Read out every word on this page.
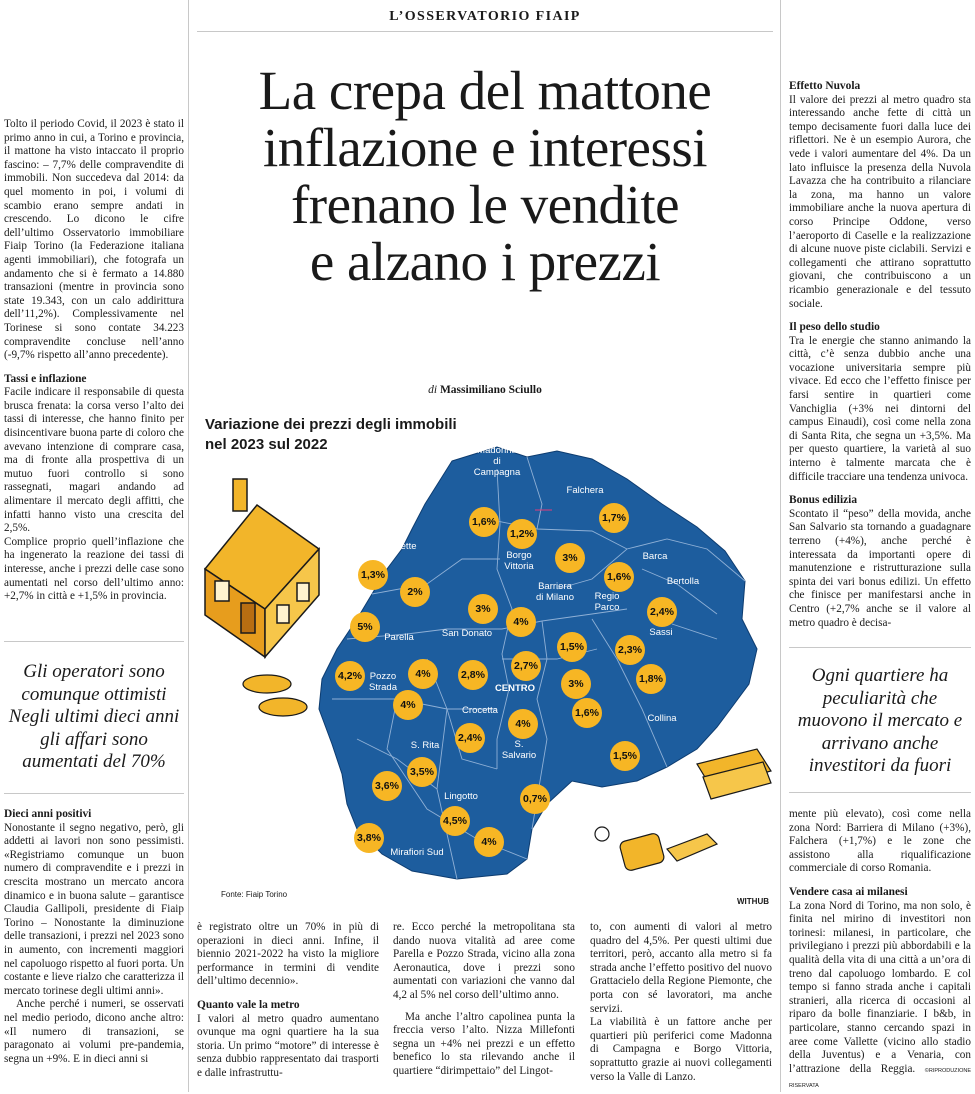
L’OSSERVATORIO FIAIP
La crepa del mattone
inflazione e interessi
frenano le vendite
e alzano i prezzi
di Massimiliano Sciullo

Tolto il periodo Covid, il 2023 è stato il primo anno in cui, a Torino e provincia, il mattone ha visto intaccato il proprio fascino: – 7,7% delle compravendite di immobili. Non succedeva dal 2014: da quel momento in poi, i volumi di scambio erano sempre andati in crescendo. Lo dicono le cifre dell’ultimo Osservatorio immobiliare Fiaip Torino (la Federazione italiana agenti immobiliari), che fotografa un andamento che si è fermato a 14.880 transazioni (mentre in provincia sono state 19.343, con un calo addirittura dell’11,2%). Complessivamente nel Torinese si sono contate 34.223 compravendite concluse nell’anno (-9,7% rispetto all’anno precedente).

Tassi e inflazione

Facile indicare il responsabile di questa brusca frenata: la corsa verso l’alto dei tassi di interesse, che hanno finito per disincentivare buona parte di coloro che avevano intenzione di comprare casa, ma di fronte alla prospettiva di un mutuo fuori controllo si sono rassegnati, magari andando ad alimentare il mercato degli affitti, che infatti hanno visto una crescita del 2,5%.

Complice proprio quell’inflazione che ha ingenerato la reazione dei tassi di interesse, anche i prezzi delle case sono aumentati nel corso dell’ultimo anno: +2,7% in città e +1,5% in provincia.

Gli operatori sono comunque ottimisti Negli ultimi dieci anni gli affari sono aumentati del 70%

Dieci anni positivi

Nonostante il segno negativo, però, gli addetti ai lavori non sono pessimisti. «Registriamo comunque un buon numero di compravendite e i prezzi in crescita mostrano un mercato ancora dinamico e in buona salute – garantisce Claudia Gallipoli, presidente di Fiaip Torino – Nonostante la diminuzione delle transazioni, i prezzi nel 2023 sono in aumento, con incrementi maggiori nel capoluogo rispetto al fuori porta. Un costante e lieve rialzo che caratterizza il mercato torinese degli ultimi anni».

Anche perché i numeri, se osservati nel medio periodo, dicono anche altro: «Il numero di transazioni, se paragonato ai volumi pre-pandemia, segna un +9%. E in dieci anni si

Variazione dei prezzi degli immobili
nel 2023 sul 2022	Madonna
di
Campagna
Falchera
Vallette
Borgo
Vittoria
Barca
Bertolla
Barriera
di Milano Regio
Parco
Sassi
Parella	San Donato
Pozzo
Strada	CENTRO
Crocetta
Collina
S. Rita	S.
Salvario
Lingotto
Mirafiori Sud
1,6%
1,2%
1,7%
1,3%
2%
3%
1,6%
2,4%
5%
3%
4%
1,5%	2,3%
4,2%	4%	2,8%
2,7%
3%	1,8%
4%
1,6%
4%
2,4%
3,5%
3,6%
0,7%
4,5%
3,8%	4%
1,5%
Fonte: Fiaip Torino
WITHUB

è registrato oltre un 70% in più di operazioni in dieci anni. Infine, il biennio 2021-2022 ha visto la migliore performance in termini di vendite dell’ultimo decennio».

Quanto vale la metro

I valori al metro quadro aumentano ovunque ma ogni quartiere ha la sua storia. Un primo “motore” di interesse è senza dubbio rappresentato dai trasporti e dalle infrastruttu-

re. Ecco perché la metropolitana sta dando nuova vitalità ad aree come Parella e Pozzo Strada, vicino alla zona Aeronautica, dove i prezzi sono aumentati con variazioni che vanno dal 4,2 al 5% nel corso dell’ultimo anno.

Ma anche l’altro capolinea punta la freccia verso l’alto. Nizza Millefonti segna un +4% nei prezzi e un effetto benefico lo sta rilevando anche il quartiere “dirimpettaio” del Lingot-

to, con aumenti di valori al metro quadro del 4,5%. Per questi ultimi due territori, però, accanto alla metro si fa strada anche l’effetto positivo del nuovo Grattacielo della Regione Piemonte, che porta con sé lavoratori, ma anche servizi.

La viabilità è un fattore anche per quartieri più periferici come Madonna di Campagna e Borgo Vittoria, soprattutto grazie ai nuovi collegamenti verso la Valle di Lanzo.

Effetto Nuvola

Il valore dei prezzi al metro quadro sta interessando anche fette di città un tempo decisamente fuori dalla luce dei riflettori. Ne è un esempio Aurora, che vede i valori aumentare del 4%. Da un lato influisce la presenza della Nuvola Lavazza che ha contribuito a rilanciare la zona, ma hanno un valore immobiliare anche la nuova apertura di corso Principe Oddone, verso l’aeroporto di Caselle e la realizzazione di alcune nuove piste ciclabili. Servizi e collegamenti che attirano soprattutto giovani, che contribuiscono a un ricambio generazionale e del tessuto sociale.

Il peso dello studio

Tra le energie che stanno animando la città, c’è senza dubbio anche una vocazione universitaria sempre più vivace. Ed ecco che l’effetto finisce per farsi sentire in quartieri come Vanchiglia (+3% nei dintorni del campus Einaudi), così come nella zona di Santa Rita, che segna un +3,5%. Ma per questo quartiere, la varietà al suo interno è talmente marcata che è difficile tracciare una tendenza univoca.

Bonus edilizia

Scontato il “peso” della movida, anche San Salvario sta tornando a guadagnare terreno (+4%), anche perché è interessata da importanti opere di manutenzione e ristrutturazione sulla spinta dei vari bonus edilizi. Un effetto che finisce per manifestarsi anche in Centro (+2,7% anche se il valore al metro quadro è decisa-

Ogni quartiere ha peculiarità che muovono il mercato e arrivano anche investitori da fuori

mente più elevato), così come nella zona Nord: Barriera di Milano (+3%), Falchera (+1,7%) e le zone che assistono alla riqualificazione commerciale di corso Romania.

Vendere casa ai milanesi

La zona Nord di Torino, ma non solo, è finita nel mirino di investitori non torinesi: milanesi, in particolare, che privilegiano i prezzi più abbordabili e la qualità della vita di una città a un’ora di treno dal capoluogo lombardo. E col tempo si fanno strada anche i capitali stranieri, alla ricerca di occasioni al riparo da bolle finanziarie. I b&b, in particolare, stanno cercando spazi in aree come Vallette (vicino allo stadio della Juventus) e a Venaria, con l’attrazione della Reggia. ©RIPRODUZIONE RISERVATA
